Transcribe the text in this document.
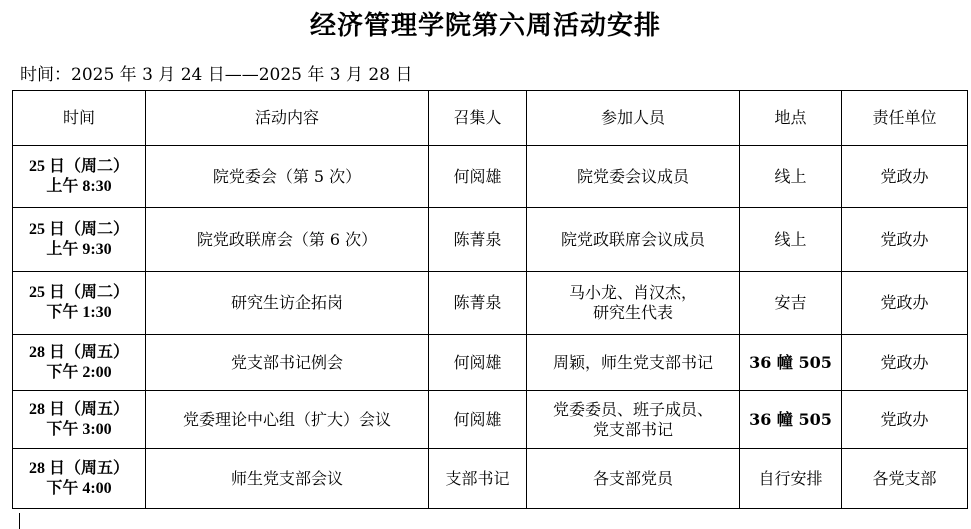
经济管理学院第六周活动安排
时间：2025 年 3 月 24 日——2025 年 3 月 28 日
时间	活动内容	召集人	参加人员	地点	责任单位
25 日（周二）
上午 8:30	院党委会（第 5 次）	何阅雄	院党委会议成员	线上	党政办
25 日（周二）
上午 9:30	院党政联席会（第 6 次）	陈菁泉	院党政联席会议成员	线上	党政办
25 日（周二）
下午 1:30	研究生访企拓岗	陈菁泉	马小龙、肖汉杰，
研究生代表	安吉	党政办
28 日（周五）
下午 2:00	党支部书记例会	何阅雄	周颖，师生党支部书记	36 幢 505	党政办
28 日（周五）
下午 3:00	党委理论中心组（扩大）会议	何阅雄	党委委员、班子成员、
党支部书记	36 幢 505	党政办
28 日（周五）
下午 4:00	师生党支部会议	支部书记	各支部党员	自行安排	各党支部
